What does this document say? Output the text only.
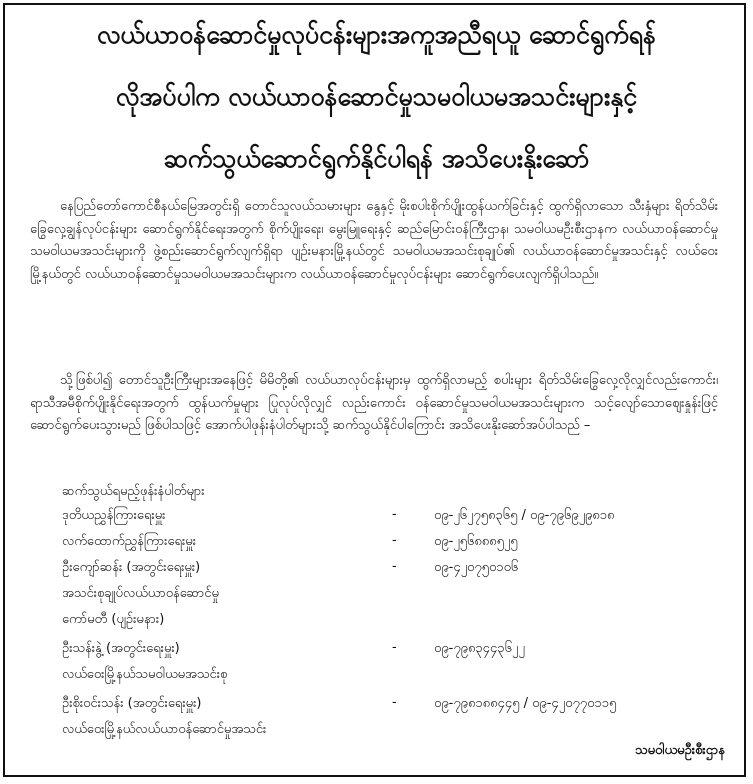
လယ်ယာဝန်ဆောင်မှုလုပ်ငန်းများအကူအညီရယူ ဆောင်ရွက်ရန်
လိုအပ်ပါက လယ်ယာဝန်ဆောင်မှုသမဝါယမအသင်းများနှင့်
ဆက်သွယ်ဆောင်ရွက်နိုင်ပါရန် အသိပေးနိုးဆော်
နေပြည်တော်ကောင်စီနယ်မြေအတွင်းရှိ တောင်သူလယ်သမားများ နွေနှင့် မိုးစပါးစိုက်ပျိုးထွန်ယက်ခြင်းနှင့် ထွက်ရှိလာသော သီးနှံများ ရိတ်သိမ်းခြွေလှေ့ချွန်လုပ်ငန်းများ ဆောင်ရွက်နိုင်ရေးအတွက် စိုက်ပျိုးရေး၊ မွေးမြူရေးနှင့် ဆည်မြောင်းဝန်ကြီးဌာန၊ သမဝါယမဦးစီးဌာနက လယ်ယာဝန်ဆောင်မှု သမဝါယမအသင်းများကို ဖွဲ့စည်းဆောင်ရွက်လျက်ရှိရာ ပျဉ်းမနားမြို့နယ်တွင် သမဝါယမအသင်းစုချုပ်၏ လယ်ယာဝန်ဆောင်မှုအသင်းနှင့် လယ်ဝေးမြို့နယ်တွင် လယ်ယာဝန်ဆောင်မှုသမဝါယမအသင်းများက လယ်ယာဝန်ဆောင်မှုလုပ်ငန်းများ ဆောင်ရွက်ပေးလျက်ရှိပါသည်။
သို့ဖြစ်ပါ၍ တောင်သူဦးကြီးများအနေဖြင့် မိမိတို့၏ လယ်ယာလုပ်ငန်းများမှ ထွက်ရှိလာမည့် စပါးများ ရိတ်သိမ်းခြွေလှေ့လိုလျှင်လည်းကောင်း၊ ရာသီအမီစိုက်ပျိုးနိုင်ရေးအတွက် ထွန်ယက်မှုများ ပြုလုပ်လိုလျှင် လည်းကောင်း ဝန်ဆောင်မှုသမဝါယမအသင်းများက သင့်လျော်သောဈေးနှုန်းဖြင့် ဆောင်ရွက်ပေးသွားမည် ဖြစ်ပါသဖြင့် အောက်ပါဖုန်းနံပါတ်များသို့ ဆက်သွယ်နိုင်ပါကြောင်း အသိပေးနိုးဆော်အပ်ပါသည် –
ဆက်သွယ်ရမည့်ဖုန်းနံပါတ်များ
ဒုတိယညွှန်ကြားရေးမှူး	-	၀၉-၂၆၂၇၅၈၃၆၅ / ၀၉-၇၉၆၉၂၉၈၁၈
လက်ထောက်ညွှန်ကြားရေးမှူး	-	၀၉-၂၅၆၈၈၈၅၂၅
ဦးကျော်ဆန်း (အတွင်းရေးမှူး)	-	၀၉-၄၂၀၇၅၀၁၀၆
အသင်းစုချုပ်လယ်ယာဝန်ဆောင်မှု
ကော်မတီ (ပျဉ်းမနား)
ဦးသန်းနွဲ့ (အတွင်းရေးမှူး)	-	၀၉-၇၉၈၃၄၄၃၆၂၂
လယ်ဝေးမြို့နယ်သမဝါယမအသင်းစု
ဦးစိုးဝင်းသန်း (အတွင်းရေးမှူး)	-	၀၉-၇၉၈၁၈၈၄၄၅ / ၀၉-၄၂၀၇၇၀၁၁၅
လယ်ဝေးမြို့နယ်လယ်ယာဝန်ဆောင်မှုအသင်း
သမဝါယမဦးစီးဌာန
